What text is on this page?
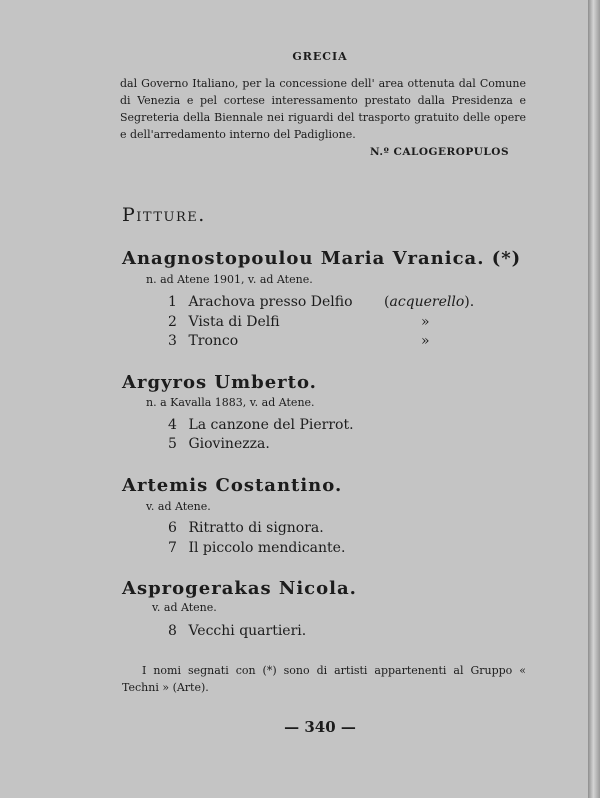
GRECIA
dal Governo Italiano, per la concessione dell' area ottenuta dal Comune di Venezia e pel cortese interessamento prestato dalla Presidenza e Segreteria della Biennale nei riguardi del trasporto gratuito delle opere e dell'arredamento interno del Padiglione.
N.º CALOGEROPULOS
Pitture.
Anagnostopoulou Maria Vranica. (*)
n. ad Atene 1901, v. ad Atene.
1 Arachova presso Delfio (acquerello).
2 Vista di Delfi	»
3 Tronco	»
Argyros Umberto.
n. a Kavalla 1883, v. ad Atene.
4 La canzone del Pierrot.
5 Giovinezza.
Artemis Costantino.
v. ad Atene.
6 Ritratto di signora.
7 Il piccolo mendicante.
Asprogerakas Nicola.
v. ad Atene.
8 Vecchi quartieri.
I nomi segnati con (*) sono di artisti appartenenti al Gruppo « Techni » (Arte).
— 340 —
